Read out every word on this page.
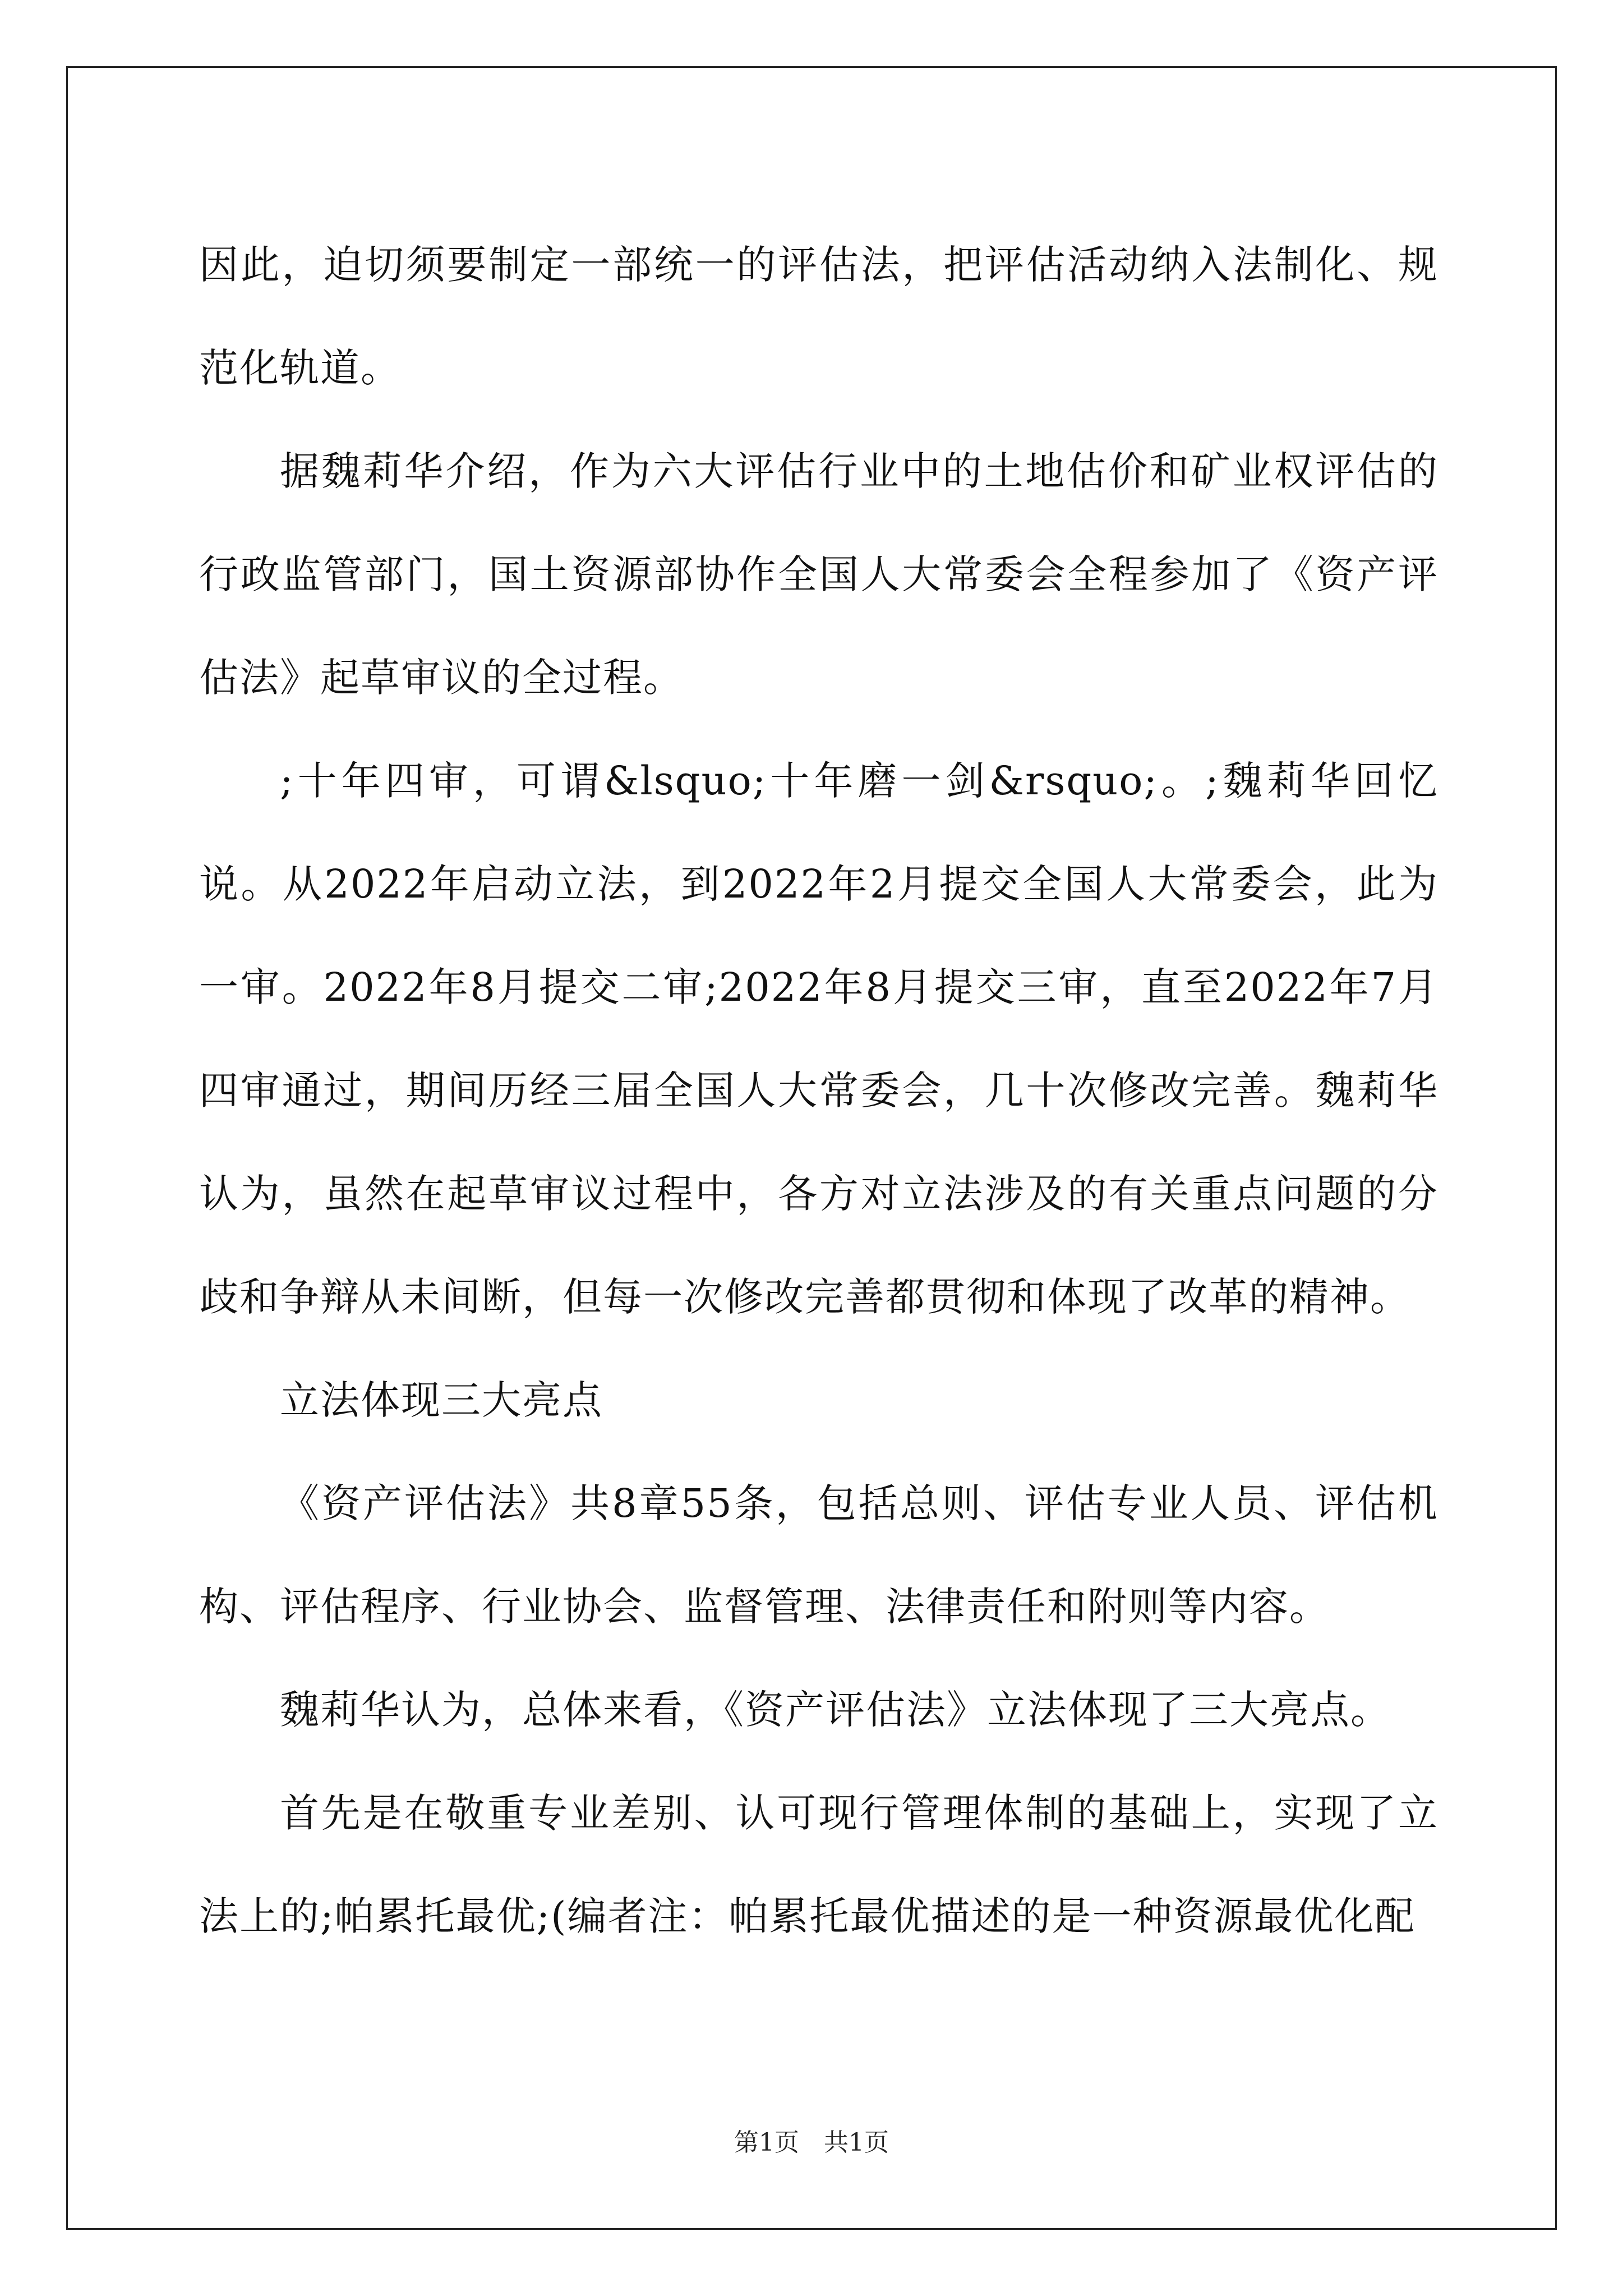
因此，迫切须要制定一部统一的评估法，把评估活动纳入法制化、规范化轨道。

据魏莉华介绍，作为六大评估行业中的土地估价和矿业权评估的行政监管部门，国土资源部协作全国人大常委会全程参加了《资产评估法》起草审议的全过程。

;十年四审，可谓&lsquo;十年磨一剑&rsquo;。;魏莉华回忆说。从2022年启动立法，到2022年2月提交全国人大常委会，此为一审。2022年8月提交二审;2022年8月提交三审，直至2022年7月四审通过，期间历经三届全国人大常委会，几十次修改完善。魏莉华认为，虽然在起草审议过程中，各方对立法涉及的有关重点问题的分歧和争辩从未间断，但每一次修改完善都贯彻和体现了改革的精神。

立法体现三大亮点

《资产评估法》共8章55条，包括总则、评估专业人员、评估机构、评估程序、行业协会、监督管理、法律责任和附则等内容。

魏莉华认为，总体来看，《资产评估法》立法体现了三大亮点。

首先是在敬重专业差别、认可现行管理体制的基础上，实现了立法上的;帕累托最优;(编者注：帕累托最优描述的是一种资源最优化配

第1页　共1页
